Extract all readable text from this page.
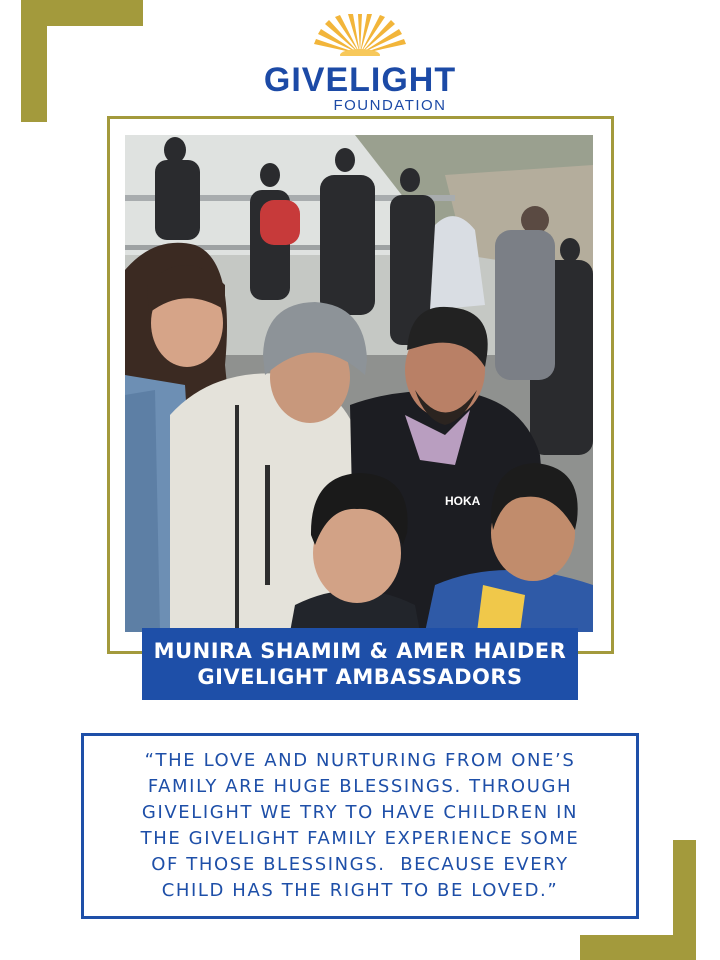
GIVELIGHT
FOUNDATION
HOKA
MUNIRA SHAMIM & AMER HAIDER
GIVELIGHT AMBASSADORS
“THE LOVE AND NURTURING FROM ONE’S
FAMILY ARE HUGE BLESSINGS. THROUGH
GIVELIGHT WE TRY TO HAVE CHILDREN IN
THE GIVELIGHT FAMILY EXPERIENCE SOME
OF THOSE BLESSINGS.  BECAUSE EVERY
CHILD HAS THE RIGHT TO BE LOVED.”
